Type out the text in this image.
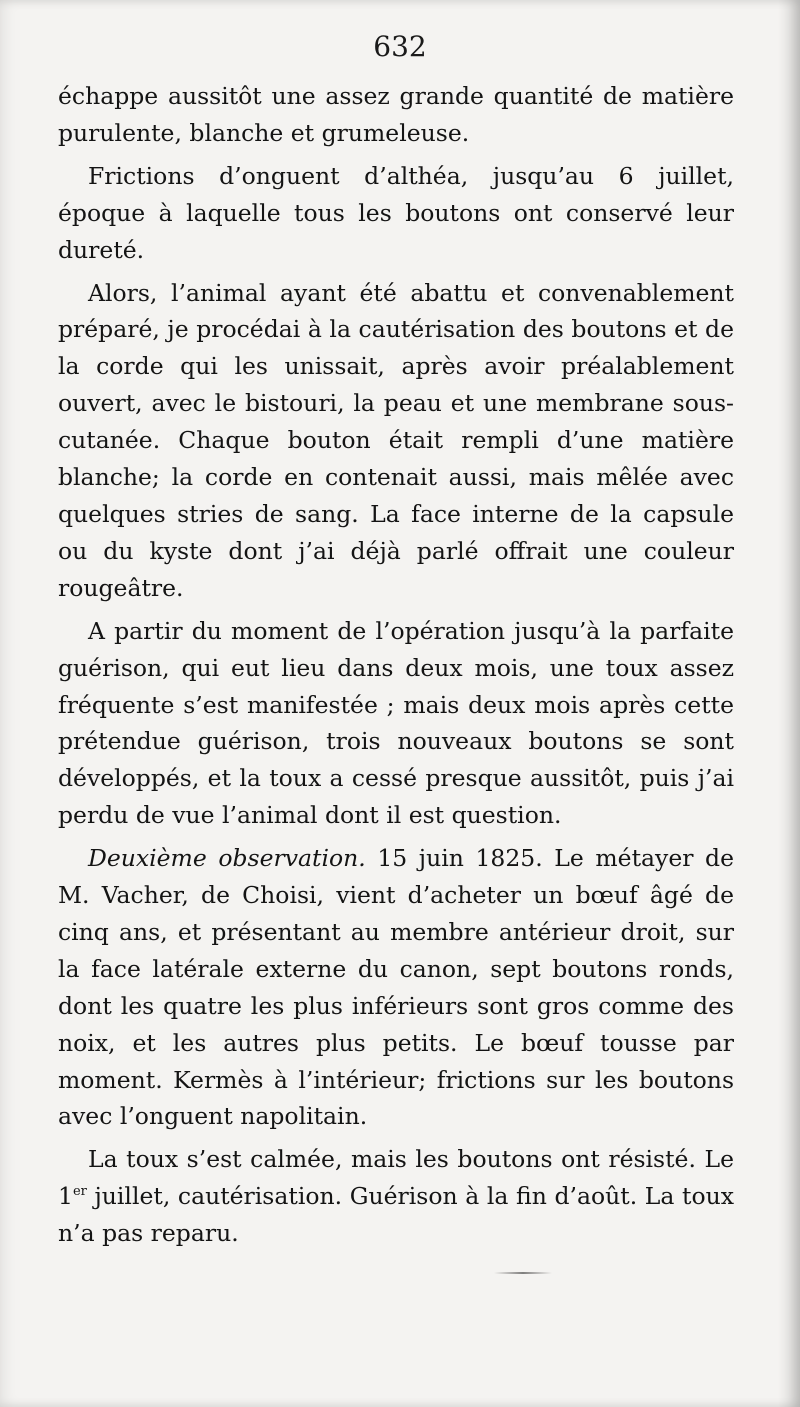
632

échappe aussitôt une assez grande quantité de matière purulente, blanche et grumeleuse.

Frictions d’onguent d’althéa, jusqu’au 6 juillet, époque à laquelle tous les boutons ont conservé leur dureté.

Alors, l’animal ayant été abattu et convenablement préparé, je procédai à la cautérisation des boutons et de la corde qui les unissait, après avoir préalablement ouvert, avec le bistouri, la peau et une membrane sous-cutanée. Chaque bouton était rempli d’une matière blanche; la corde en contenait aussi, mais mêlée avec quelques stries de sang. La face interne de la capsule ou du kyste dont j’ai déjà parlé offrait une couleur rougeâtre.

A partir du moment de l’opération jusqu’à la parfaite guérison, qui eut lieu dans deux mois, une toux assez fréquente s’est manifestée ; mais deux mois après cette prétendue guérison, trois nouveaux boutons se sont développés, et la toux a cessé presque aussitôt, puis j’ai perdu de vue l’animal dont il est question.

Deuxième observation. 15 juin 1825. Le métayer de M. Vacher, de Choisi, vient d’acheter un bœuf âgé de cinq ans, et présentant au membre antérieur droit, sur la face latérale externe du canon, sept boutons ronds, dont les quatre les plus inférieurs sont gros comme des noix, et les autres plus petits. Le bœuf tousse par moment. Kermès à l’intérieur; frictions sur les boutons avec l’onguent napolitain.

La toux s’est calmée, mais les boutons ont résisté. Le 1er juillet, cautérisation. Guérison à la fin d’août. La toux n’a pas reparu.
